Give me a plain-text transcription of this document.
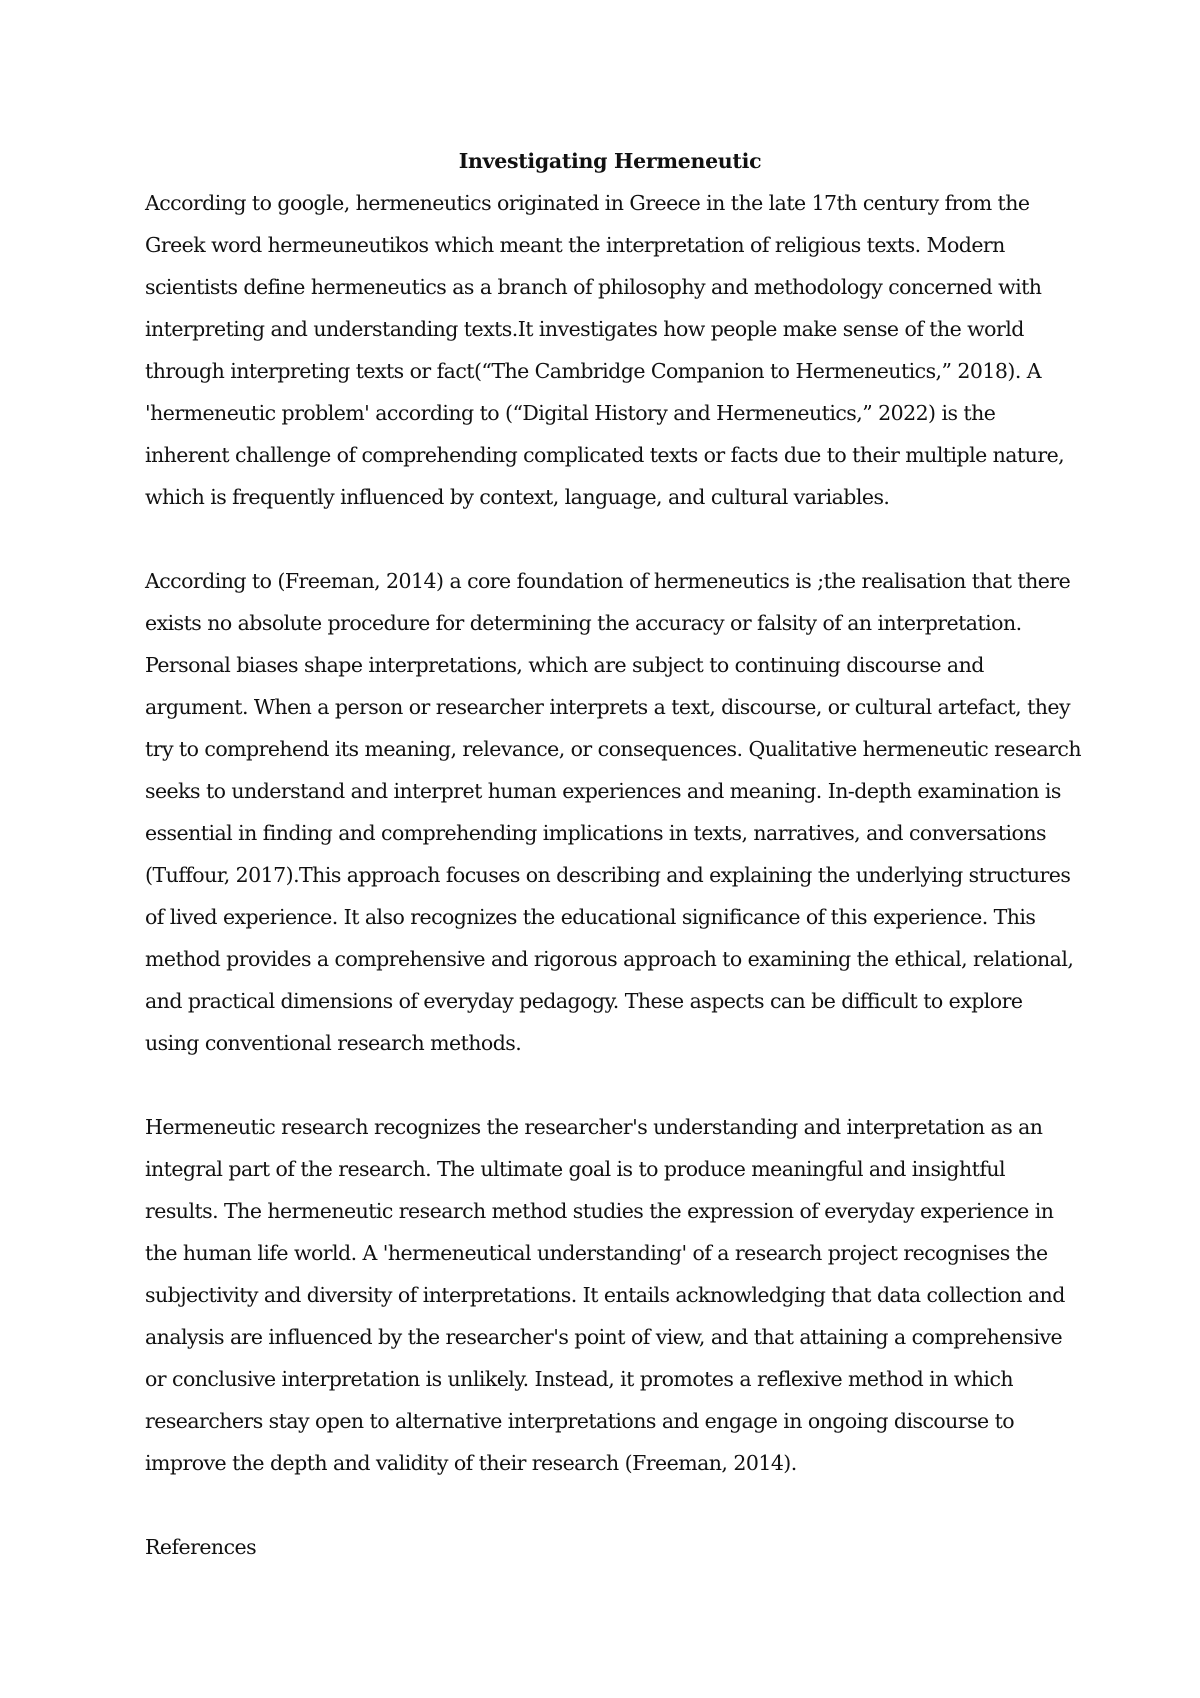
Investigating Hermeneutic
According to google, hermeneutics originated in Greece in the late 17th century from the
Greek word hermeuneutikos which meant the interpretation of religious texts. Modern
scientists define hermeneutics as a branch of philosophy and methodology concerned with
interpreting and understanding texts.It investigates how people make sense of the world
through interpreting texts or fact(“The Cambridge Companion to Hermeneutics,” 2018). A
'hermeneutic problem' according to (“Digital History and Hermeneutics,” 2022) is the
inherent challenge of comprehending complicated texts or facts due to their multiple nature,
which is frequently influenced by context, language, and cultural variables.
According to (Freeman, 2014) a core foundation of hermeneutics is ;the realisation that there
exists no absolute procedure for determining the accuracy or falsity of an interpretation.
Personal biases shape interpretations, which are subject to continuing discourse and
argument. When a person or researcher interprets a text, discourse, or cultural artefact, they
try to comprehend its meaning, relevance, or consequences. Qualitative hermeneutic research
seeks to understand and interpret human experiences and meaning. In-depth examination is
essential in finding and comprehending implications in texts, narratives, and conversations
(Tuffour, 2017).This approach focuses on describing and explaining the underlying structures
of lived experience. It also recognizes the educational significance of this experience. This
method provides a comprehensive and rigorous approach to examining the ethical, relational,
and practical dimensions of everyday pedagogy. These aspects can be difficult to explore
using conventional research methods.
Hermeneutic research recognizes the researcher's understanding and interpretation as an
integral part of the research. The ultimate goal is to produce meaningful and insightful
results. The hermeneutic research method studies the expression of everyday experience in
the human life world. A 'hermeneutical understanding' of a research project recognises the
subjectivity and diversity of interpretations. It entails acknowledging that data collection and
analysis are influenced by the researcher's point of view, and that attaining a comprehensive
or conclusive interpretation is unlikely. Instead, it promotes a reflexive method in which
researchers stay open to alternative interpretations and engage in ongoing discourse to
improve the depth and validity of their research (Freeman, 2014).
References
